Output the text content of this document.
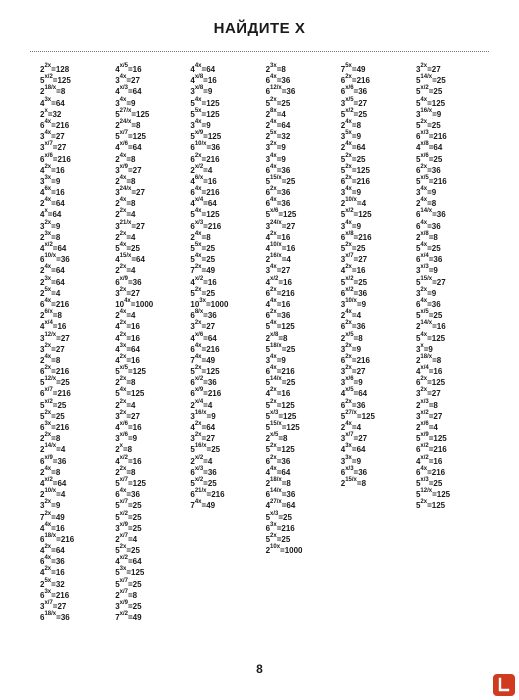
НАЙДИТЕ Х
$2^{2x}=128$
$5^{x/2}=125$
$2^{18/x}=8$
$4^{3x}=64$
$2^x=32$
$6^{4x}=216$
$3^{4x}=27$
$3^{x/7}=27$
$6^{x/6}=216$
$4^{2x}=16$
$3^{3x}=9$
$4^{6x}=16$
$2^{4x}=64$
$4^x=64$
$3^{2x}=9$
$2^{3x}=8$
$4^{x/2}=64$
$6^{10/x}=36$
$2^{4x}=64$
$2^{3x}=64$
$2^{5x}=4$
$6^{4x}=216$
$2^{6/x}=8$
$4^{x/4}=16$
$3^{12/x}=27$
$3^{2x}=27$
$2^{4x}=8$
$6^{2x}=216$
$5^{12/x}=25$
$6^{x/7}=216$
$5^{x/2}=25$
$5^{2x}=25$
$6^{3x}=216$
$2^{2x}=8$
$2^{14/x}=4$
$6^{x/9}=36$
$2^{4x}=8$
$4^{x/2}=64$
$2^{10/x}=4$
$3^{2x}=9$
$7^{2x}=49$
$4^{4x}=16$
$6^{18/x}=216$
$4^{2x}=64$
$6^{4x}=36$
$4^{2x}=16$
$2^{5x}=32$
$6^{3x}=216$
$3^{x/7}=27$
$6^{18/x}=36$
$4^{x/5}=16$
$3^{4x}=27$
$4^{x/3}=64$
$3^{4x}=9$
$5^{27/x}=125$
$2^{24/x}=8$
$5^{x/7}=125$
$4^{x/6}=64$
$2^{4x}=8$
$3^{x/9}=27$
$2^{4x}=8$
$3^{24/x}=27$
$2^{4x}=8$
$2^{2x}=4$
$3^{21/x}=27$
$2^{2x}=4$
$5^{4x}=25$
$4^{15/x}=64$
$2^{2x}=4$
$6^{x/9}=36$
$3^{2x}=27$
$10^{4x}=1000$
$2^{4x}=4$
$4^{2x}=16$
$4^{2x}=16$
$4^{3x}=64$
$4^{2x}=16$
$5^{x/5}=125$
$2^{2x}=8$
$5^{4x}=125$
$2^{2x}=4$
$3^{2x}=27$
$4^{x/6}=16$
$3^{x/6}=9$
$2^x=8$
$4^{x/2}=16$
$2^{2x}=8$
$5^{x/7}=125$
$6^{4x}=36$
$5^{x/7}=25$
$5^{x/2}=25$
$3^{x/9}=25$
$2^{x/7}=4$
$5^{2x}=25$
$4^{x/2}=64$
$5^{3x}=125$
$5^{x/7}=25$
$2^{x/7}=8$
$3^{x/9}=25$
$7^{x/2}=49$
$4^{4x}=64$
$4^{x/8}=16$
$3^{x/8}=9$
$5^{4x}=125$
$5^{5x}=125$
$3^{4x}=9$
$5^{x/9}=125$
$6^{10/x}=36$
$6^{2x}=216$
$2^{x/2}=4$
$4^{6/x}=16$
$6^{4x}=216$
$4^{x/4}=64$
$5^{4x}=125$
$6^{x/3}=216$
$2^{4x}=8$
$5^{5x}=25$
$5^{4x}=25$
$7^{2x}=49$
$4^{x/2}=16$
$5^{2x}=25$
$10^{3x}=1000$
$6^{8/x}=36$
$3^{2x}=27$
$4^{x/6}=64$
$6^{4x}=216$
$7^{4x}=49$
$5^{2x}=125$
$6^{x/2}=36$
$6^{x/9}=216$
$2^{x/4}=4$
$3^{16/x}=9$
$4^{2x}=64$
$3^{2x}=27$
$5^{16/x}=25$
$2^{x/2}=4$
$6^{x/3}=36$
$5^{x/2}=25$
$6^{21/x}=216$
$7^{4x}=49$
$2^{3x}=8$
$6^{4x}=36$
$6^{12/x}=36$
$5^{2x}=25$
$2^{8x}=4$
$2^{4x}=64$
$2^{5x}=32$
$3^{2x}=9$
$3^{4x}=9$
$6^{4x}=36$
$5^{15/x}=25$
$6^{2x}=36$
$6^{4x}=36$
$5^{x/6}=125$
$3^{24/x}=27$
$4^{2x}=16$
$4^{10/x}=16$
$2^{16/x}=4$
$3^{4x}=27$
$4^{x/2}=16$
$6^{2x}=216$
$4^{4x}=16$
$6^{2x}=36$
$5^{4x}=125$
$2^{x/8}=8$
$5^{18/x}=25$
$3^{4x}=9$
$6^{4x}=216$
$5^{14/x}=25$
$4^{2x}=16$
$5^{2x}=125$
$5^{x/3}=125$
$5^{15/x}=125$
$2^{x/5}=8$
$5^{2x}=125$
$6^{2x}=36$
$4^{4x}=64$
$2^{18/x}=8$
$6^{14/x}=36$
$4^{27/x}=64$
$5^{x/3}=25$
$6^{3x}=216$
$5^{2x}=25$
$2^{10x}=1000$
$7^{5x}=49$
$6^{2x}=216$
$6^{x/6}=36$
$3^{x/5}=27$
$5^{x/2}=25$
$2^{4x}=8$
$3^{5x}=9$
$2^{4x}=64$
$5^{2x}=25$
$5^{2x}=125$
$6^{2x}=216$
$3^{4x}=9$
$2^{10/x}=4$
$5^{x/2}=125$
$3^{4x}=9$
$6^{x/8}=216$
$5^{2x}=25$
$3^{x/7}=27$
$4^{2x}=16$
$5^{x/2}=25$
$6^{x/2}=36$
$3^{10/x}=9$
$2^{4x}=4$
$6^{2x}=36$
$2^{x/5}=8$
$3^{2x}=9$
$6^{2x}=216$
$3^{2x}=27$
$3^{x/6}=9$
$4^{x/5}=64$
$6^{2x}=36$
$5^{27/x}=125$
$2^{4x}=4$
$3^{x/7}=27$
$4^{3x}=64$
$3^{3x}=9$
$6^{x/3}=36$
$2^{15/x}=8$
$3^{2x}=27$
$5^{14/x}=25$
$5^{x/2}=25$
$5^{4x}=125$
$3^{16/x}=9$
$5^{2x}=25$
$6^{x/3}=216$
$4^{x/8}=64$
$5^{x/6}=25$
$6^{2x}=36$
$5^{x/5}=216$
$3^{4x}=9$
$2^{4x}=8$
$6^{14/x}=36$
$6^{4x}=36$
$2^{x/8}=8$
$5^{4x}=25$
$6^{x/4}=36$
$3^{x/3}=9$
$5^{15/x}=27$
$3^{2x}=9$
$6^{4x}=36$
$5^{x/5}=25$
$2^{14/x}=16$
$5^{4x}=125$
$3^x=9$
$2^{18/x}=8$
$4^{x/4}=16$
$6^{2x}=125$
$3^{2x}=27$
$2^{x/3}=8$
$3^{x/2}=27$
$2^{x/6}=4$
$5^{x/9}=125$
$6^{x/2}=216$
$4^{x/2}=16$
$6^{4x}=216$
$5^{x/3}=25$
$5^{12/x}=125$
$5^{2x}=125$
8
